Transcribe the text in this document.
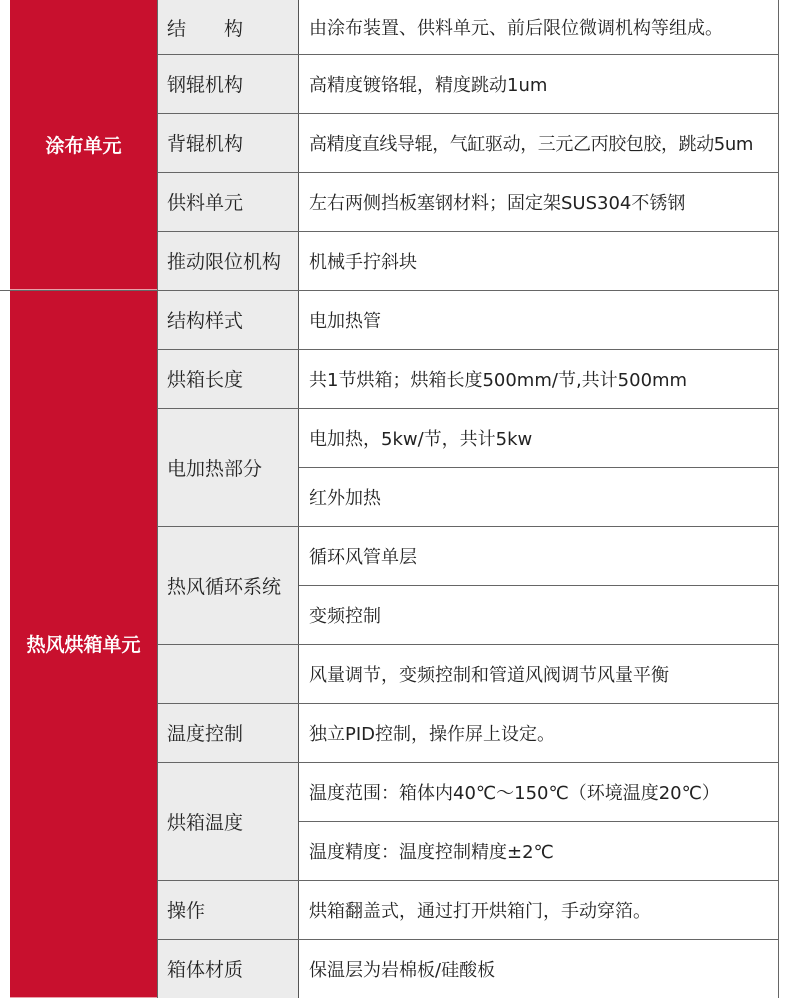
涂布单元
热风烘箱单元
结　　构
钢辊机构
背辊机构
供料单元
推动限位机构
结构样式
烘箱长度
电加热部分
热风循环系统
温度控制
烘箱温度
操作
箱体材质
由涂布装置、供料单元、前后限位微调机构等组成。
高精度镀铬辊，精度跳动1um
高精度直线导辊，气缸驱动，三元乙丙胶包胶，跳动5um
左右两侧挡板塞钢材料；固定架SUS304不锈钢
机械手拧斜块
电加热管
共1节烘箱；烘箱长度500mm/节,共计500mm
电加热，5kw/节，共计5kw
红外加热
循环风管单层
变频控制
风量调节，变频控制和管道风阀调节风量平衡
独立PID控制，操作屏上设定。
温度范围：箱体内40℃～150℃（环境温度20℃）
温度精度：温度控制精度±2℃
烘箱翻盖式，通过打开烘箱门，手动穿箔。
保温层为岩棉板/硅酸板
